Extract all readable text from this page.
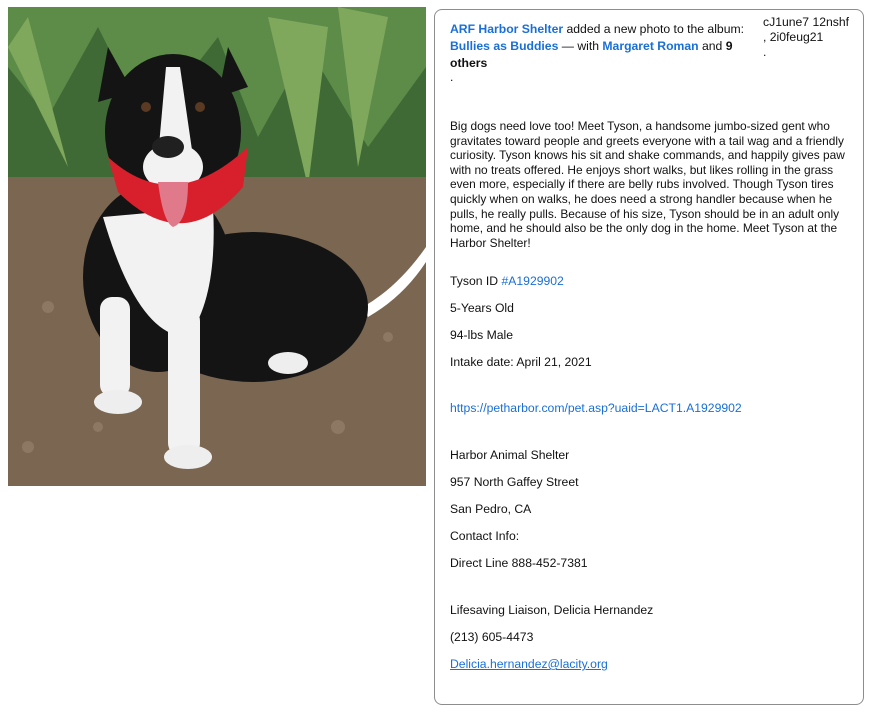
ARF Harbor Shelter added a new photo to the album: Bullies as Buddies — with Margaret Roman and 9 others
cJ1une7 12nshf
, 2i0feug21
.
.

Big dogs need love too! Meet Tyson, a handsome jumbo-sized gent who gravitates toward people and greets everyone with a tail wag and a friendly curiosity. Tyson knows his sit and shake commands, and happily gives paw with no treats offered. He enjoys short walks, but likes rolling in the grass even more, especially if there are belly rubs involved. Though Tyson tires quickly when on walks, he does need a strong handler because when he pulls, he really pulls. Because of his size, Tyson should be in an adult only home, and he should also be the only dog in the home. Meet Tyson at the Harbor Shelter!

Tyson ID #A1929902
5-Years Old
94-lbs Male
Intake date: April 21, 2021
https://petharbor.com/pet.asp?uaid=LACT1.A1929902
Harbor Animal Shelter
957 North Gaffey Street
San Pedro, CA
Contact Info:
Direct Line 888-452-7381
Lifesaving Liaison, Delicia Hernandez
(213) 605-4473
Delicia.hernandez@lacity.org
